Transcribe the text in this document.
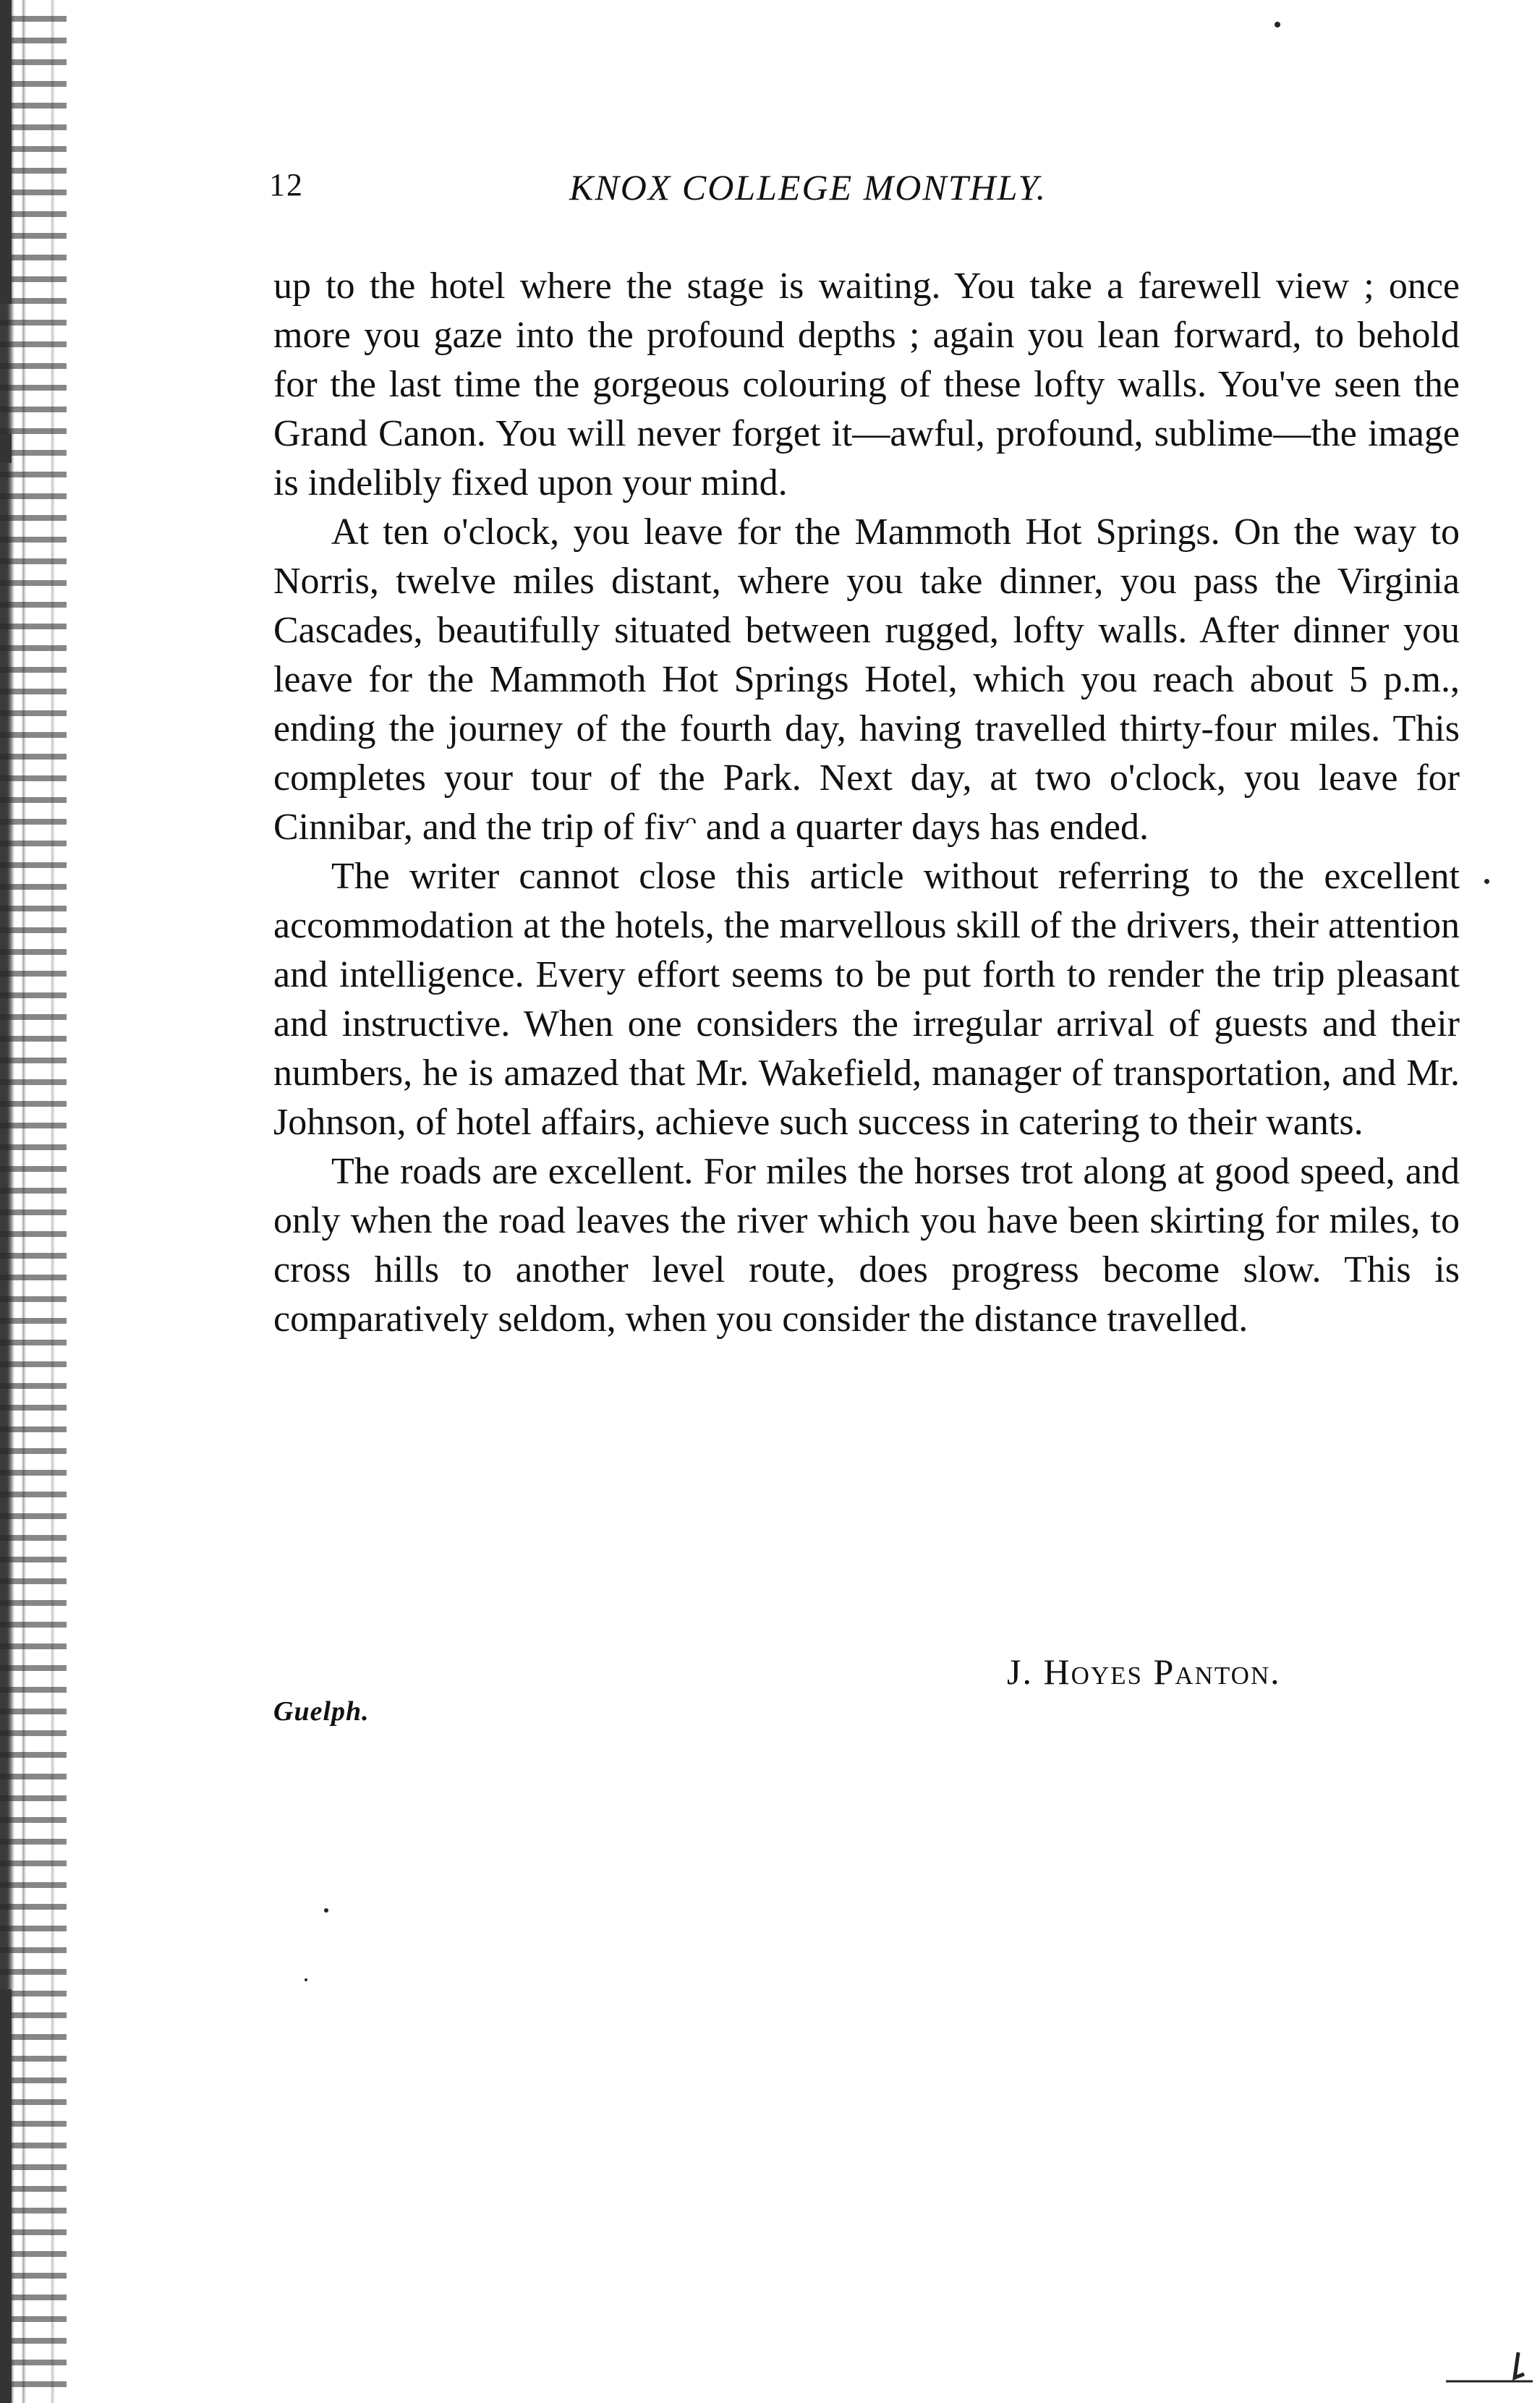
12	KNOX COLLEGE MONTHLY.

up to the hotel where the stage is waiting. You take a farewell view ; once more you gaze into the profound depths ; again you lean forward, to behold for the last time the gorgeous colouring of these lofty walls. You've seen the Grand Canon. You will never forget it—awful, profound, sublime—the image is indelibly fixed upon your mind.

At ten o'clock, you leave for the Mammoth Hot Springs. On the way to Norris, twelve miles distant, where you take dinner, you pass the Virginia Cascades, beautifully situated between rugged, lofty walls. After dinner you leave for the Mammoth Hot Springs Hotel, which you reach about 5 p.m., ending the journey of the fourth day, having travelled thirty-four miles. This completes your tour of the Park. Next day, at two o'clock, you leave for Cinnibar, and the trip of fiv⁠ᵔ and a quarter days has ended.

The writer cannot close this article without referring to the excellent accommodation at the hotels, the marvellous skill of the drivers, their attention and intelligence. Every effort seems to be put forth to render the trip pleasant and instructive. When one considers the irregular arrival of guests and their numbers, he is amazed that Mr. Wakefield, manager of transportation, and Mr. Johnson, of hotel affairs, achieve such success in catering to their wants.

The roads are excellent. For miles the horses trot along at good speed, and only when the road leaves the river which you have been skirting for miles, to cross hills to another level route, does progress become slow. This is comparatively seldom, when you consider the distance travelled.

J. Hoyes Panton.
Guelph.
